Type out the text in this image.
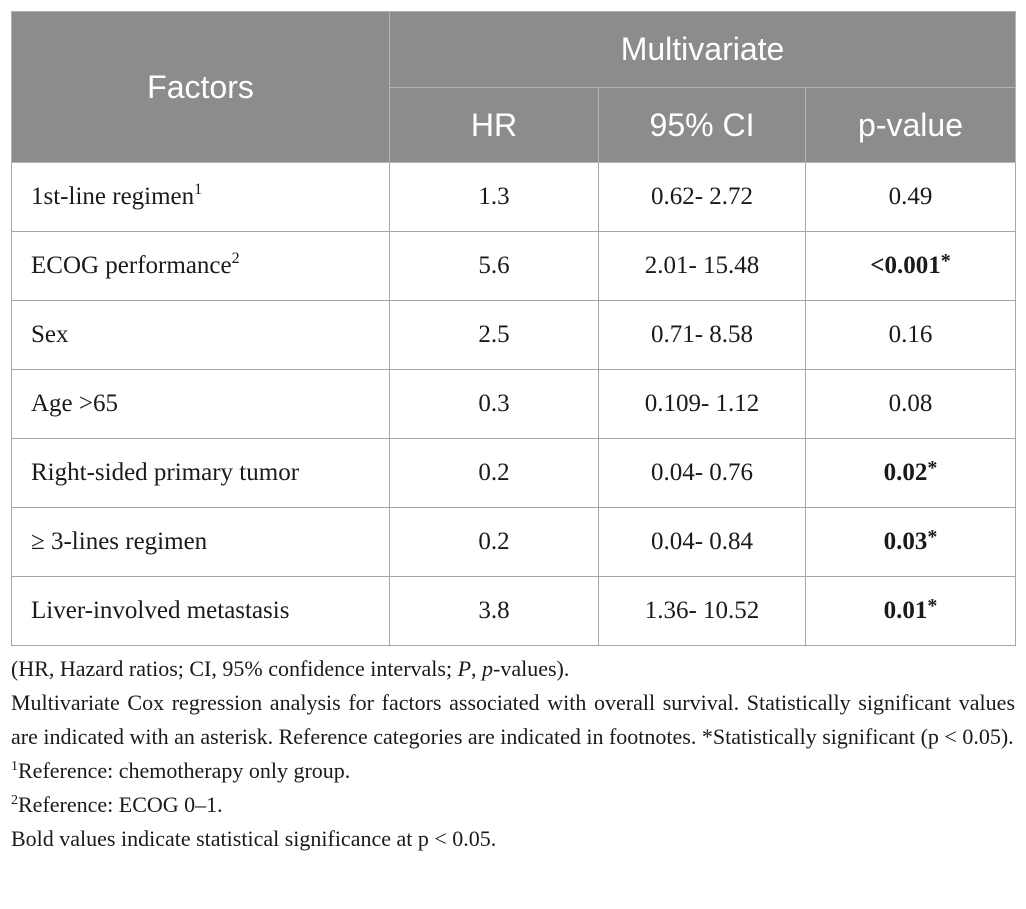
Factors	Multivariate		
	HR	95% CI	p-value
1st-line regimen$^1$	1.3	0.62- 2.72	0.49
ECOG performance$^2$	5.6	2.01- 15.48	<0.001*
Sex	2.5	0.71- 8.58	0.16
Age >65	0.3	0.109- 1.12	0.08
Right-sided primary tumor	0.2	0.04- 0.76	0.02*
≥ 3-lines regimen	0.2	0.04- 0.84	0.03*
Liver-involved metastasis	3.8	1.36- 10.52	0.01*

(HR, Hazard ratios; CI, 95% confidence intervals; P, p-values).

Multivariate Cox regression analysis for factors associated with overall survival. Statistically significant values are indicated with an asterisk. Reference categories are indicated in footnotes. *Statistically significant (p < 0.05).

$^1$Reference: chemotherapy only group.

$^2$Reference: ECOG 0–1.

Bold values indicate statistical significance at p < 0.05.
